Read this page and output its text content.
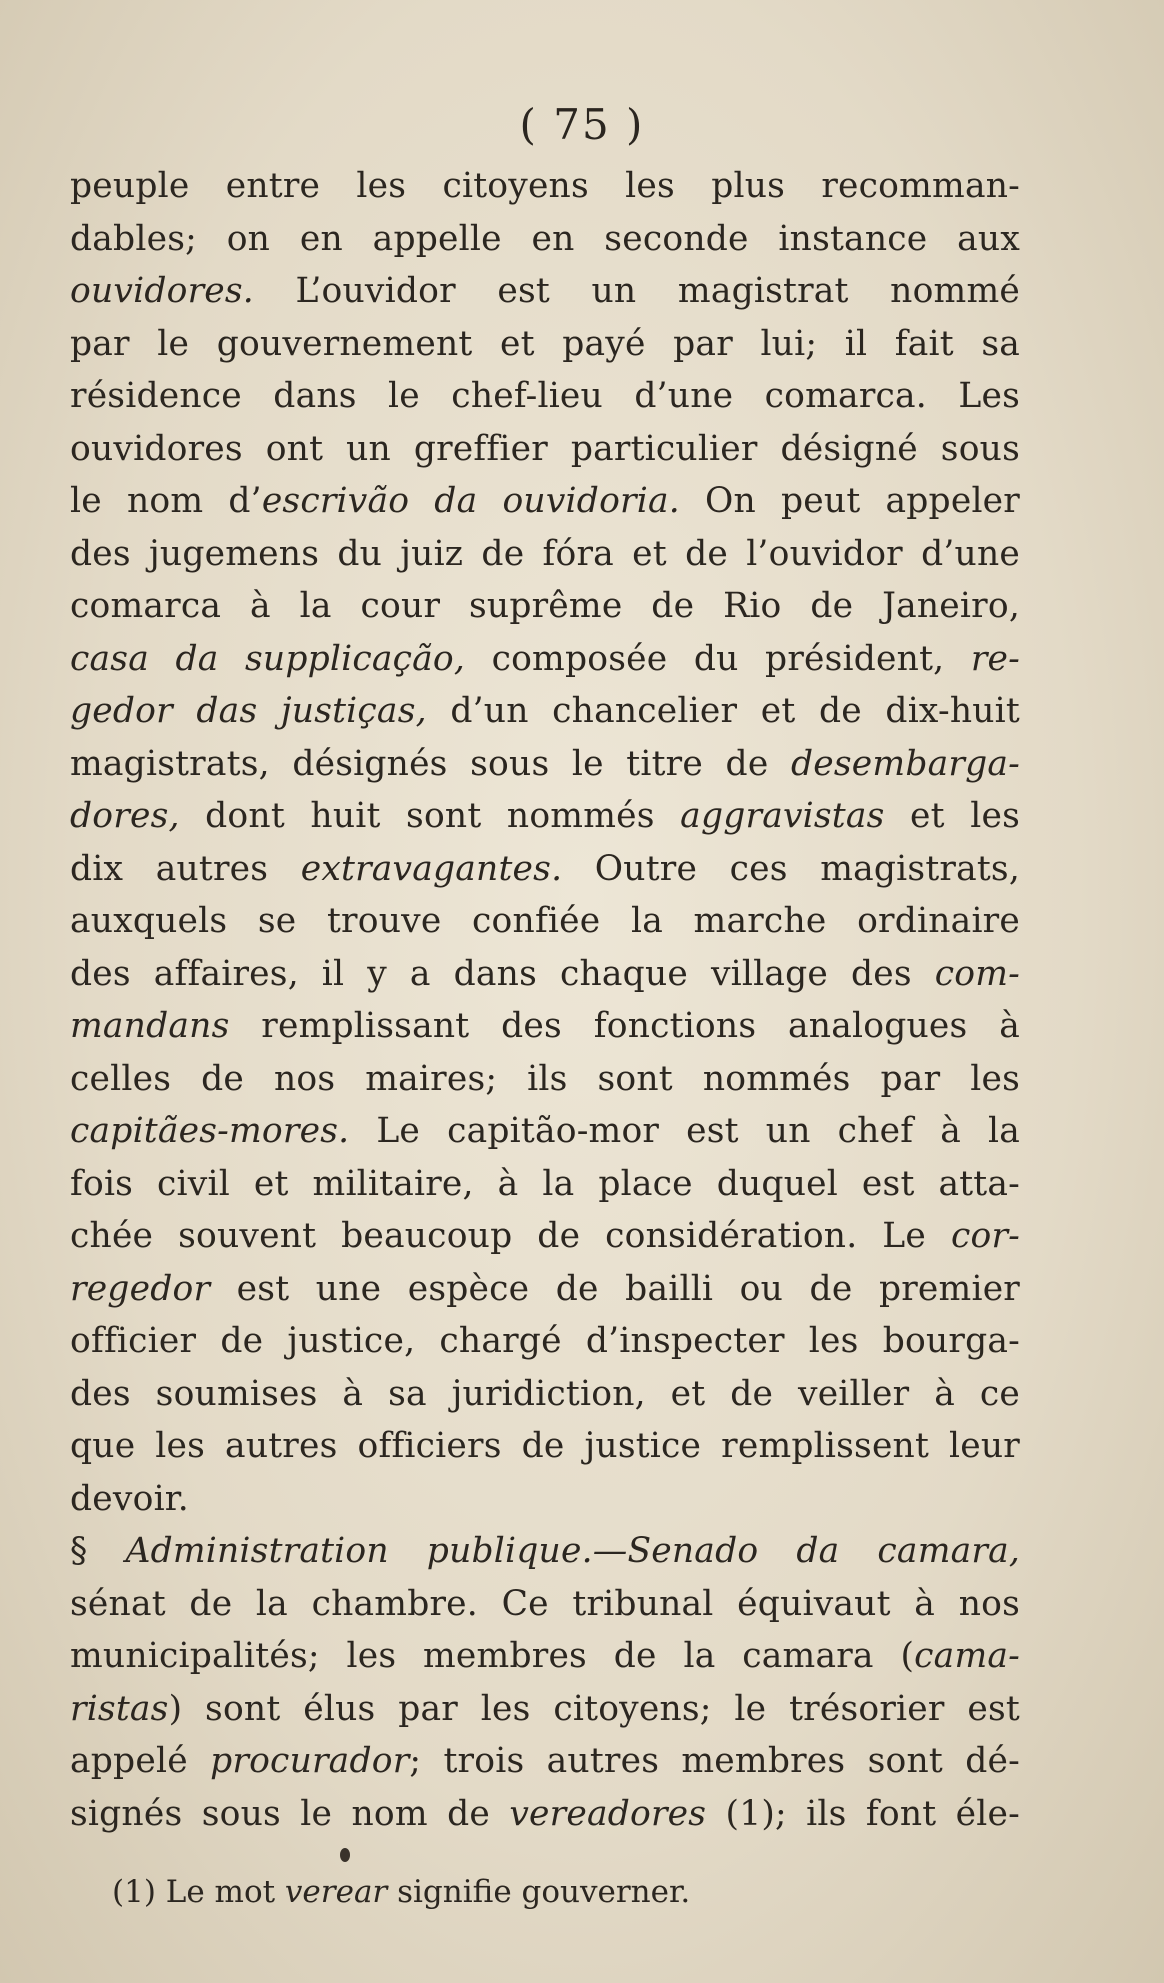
( 75 )
peuple entre les citoyens les plus recomman-
dables; on en appelle en seconde instance aux
ouvidores. L’ouvidor est un magistrat nommé
par le gouvernement et payé par lui; il fait sa
résidence dans le chef-lieu d’une comarca. Les
ouvidores ont un greffier particulier désigné sous
le nom d’escrivão da ouvidoria. On peut appeler
des jugemens du juiz de fóra et de l’ouvidor d’une
comarca à la cour suprême de Rio de Janeiro,
casa da supplicação, composée du président, re-
gedor das justiças, d’un chancelier et de dix-huit
magistrats, désignés sous le titre de desembarga-
dores, dont huit sont nommés aggravistas et les
dix autres extravagantes. Outre ces magistrats,
auxquels se trouve confiée la marche ordinaire
des affaires, il y a dans chaque village des com-
mandans remplissant des fonctions analogues à
celles de nos maires; ils sont nommés par les
capitães-mores. Le capitão-mor est un chef à la
fois civil et militaire, à la place duquel est atta-
chée souvent beaucoup de considération. Le cor-
regedor est une espèce de bailli ou de premier
officier de justice, chargé d’inspecter les bourga-
des soumises à sa juridiction, et de veiller à ce
que les autres officiers de justice remplissent leur
devoir.
§ Administration publique.—Senado da camara,
sénat de la chambre. Ce tribunal équivaut à nos
municipalités; les membres de la camara (cama-
ristas) sont élus par les citoyens; le trésorier est
appelé procurador; trois autres membres sont dé-
signés sous le nom de vereadores (1); ils font éle-
(1) Le mot verear signifie gouverner.
